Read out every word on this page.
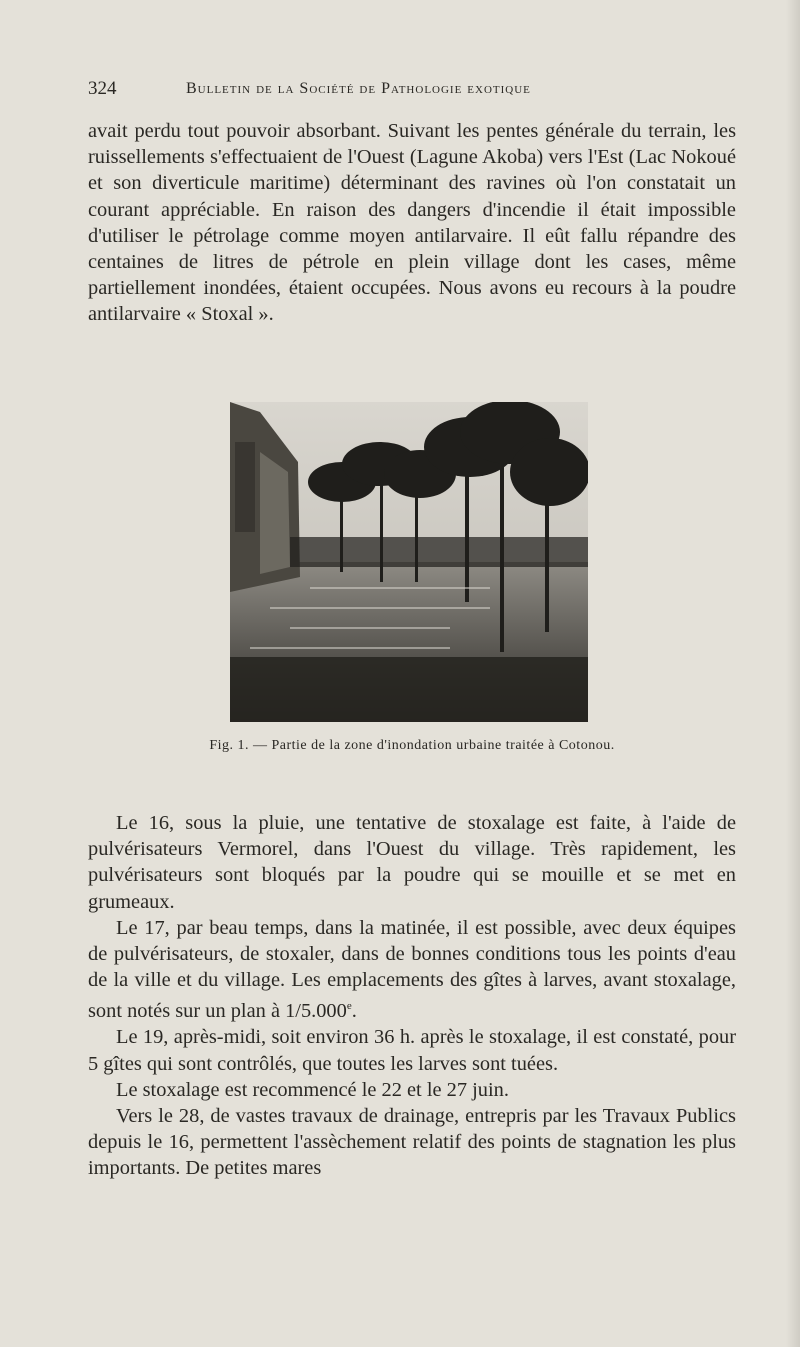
324	Bulletin de la Société de Pathologie exotique

avait perdu tout pouvoir absorbant. Suivant les pentes générale du terrain, les ruissellements s'effectuaient de l'Ouest (Lagune Akoba) vers l'Est (Lac Nokoué et son diverticule maritime) déterminant des ravines où l'on constatait un courant appréciable. En raison des dangers d'incendie il était impossible d'utiliser le pétrolage comme moyen antilarvaire. Il eût fallu répandre des centaines de litres de pétrole en plein village dont les cases, même partiellement inondées, étaient occupées. Nous avons eu recours à la poudre antilarvaire « Stoxal ».

Fig. 1. — Partie de la zone d'inondation urbaine traitée à Cotonou.

Le 16, sous la pluie, une tentative de stoxalage est faite, à l'aide de pulvérisateurs Vermorel, dans l'Ouest du village. Très rapidement, les pulvérisateurs sont bloqués par la poudre qui se mouille et se met en grumeaux.

Le 17, par beau temps, dans la matinée, il est possible, avec deux équipes de pulvérisateurs, de stoxaler, dans de bonnes conditions tous les points d'eau de la ville et du village. Les emplacements des gîtes à larves, avant stoxalage, sont notés sur un plan à 1/5.000e.

Le 19, après-midi, soit environ 36 h. après le stoxalage, il est constaté, pour 5 gîtes qui sont contrôlés, que toutes les larves sont tuées.

Le stoxalage est recommencé le 22 et le 27 juin.

Vers le 28, de vastes travaux de drainage, entrepris par les Travaux Publics depuis le 16, permettent l'assèchement relatif des points de stagnation les plus importants. De petites mares
